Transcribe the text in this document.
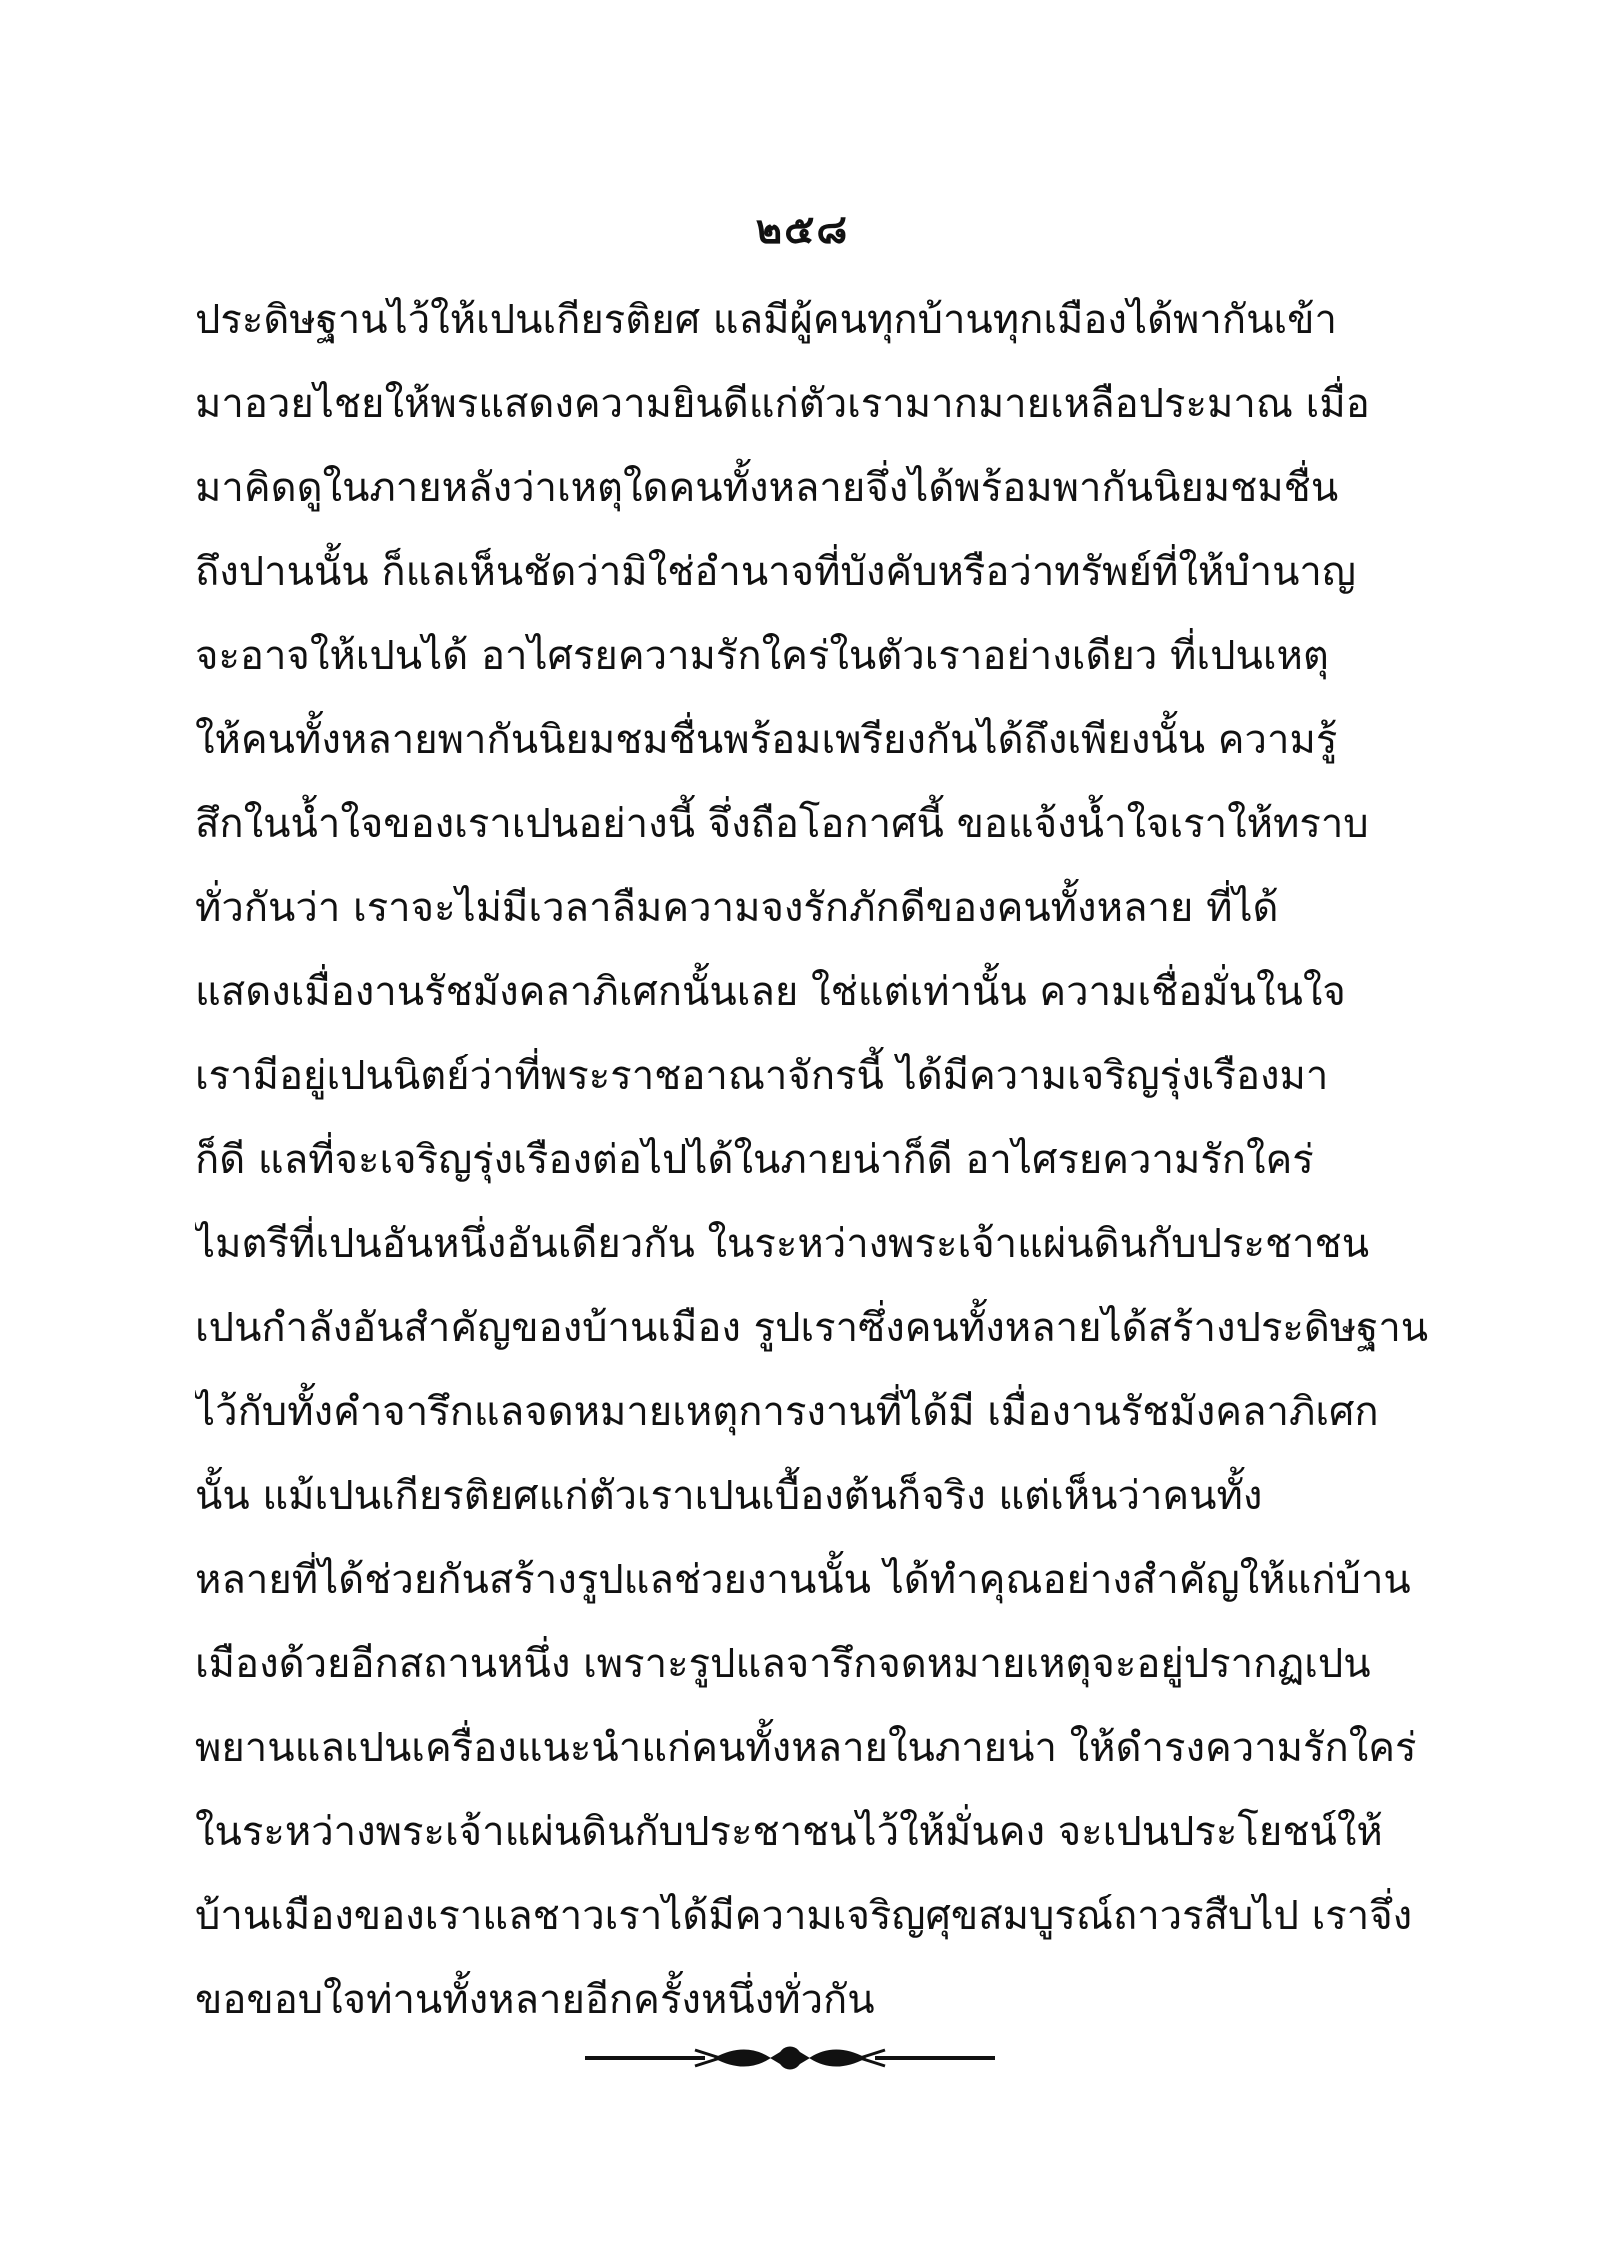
๒๕๘
ประดิษฐานไว้ให้เปนเกียรติยศ แลมีผู้คนทุกบ้านทุกเมืองได้พากันเข้า
มาอวยไชยให้พรแสดงความยินดีแก่ตัวเรามากมายเหลือประมาณ เมื่อ
มาคิดดูในภายหลังว่าเหตุใดคนทั้งหลายจึ่งได้พร้อมพากันนิยมชมชื่น
ถึงปานนั้น ก็แลเห็นชัดว่ามิใช่อำนาจที่บังคับหรือว่าทรัพย์ที่ให้บำนาญ
จะอาจให้เปนได้ อาไศรยความรักใคร่ในตัวเราอย่างเดียว ที่เปนเหตุ
ให้คนทั้งหลายพากันนิยมชมชื่นพร้อมเพรียงกันได้ถึงเพียงนั้น ความรู้
สึกในน้ำใจของเราเปนอย่างนี้ จึ่งถือโอกาศนี้ ขอแจ้งน้ำใจเราให้ทราบ
ทั่วกันว่า เราจะไม่มีเวลาลืมความจงรักภักดีของคนทั้งหลาย ที่ได้
แสดงเมื่องานรัชมังคลาภิเศกนั้นเลย ใช่แต่เท่านั้น ความเชื่อมั่นในใจ
เรามีอยู่เปนนิตย์ว่าที่พระราชอาณาจักรนี้ ได้มีความเจริญรุ่งเรืองมา
ก็ดี แลที่จะเจริญรุ่งเรืองต่อไปได้ในภายน่าก็ดี อาไศรยความรักใคร่
ไมตรีที่เปนอันหนึ่งอันเดียวกัน ในระหว่างพระเจ้าแผ่นดินกับประชาชน
เปนกำลังอันสำคัญของบ้านเมือง รูปเราซึ่งคนทั้งหลายได้สร้างประดิษฐาน
ไว้กับทั้งคำจารึกแลจดหมายเหตุการงานที่ได้มี เมื่องานรัชมังคลาภิเศก
นั้น แม้เปนเกียรติยศแก่ตัวเราเปนเบื้องต้นก็จริง แต่เห็นว่าคนทั้ง
หลายที่ได้ช่วยกันสร้างรูปแลช่วยงานนั้น ได้ทำคุณอย่างสำคัญให้แก่บ้าน
เมืองด้วยอีกสถานหนึ่ง เพราะรูปแลจารึกจดหมายเหตุจะอยู่ปรากฏเปน
พยานแลเปนเครื่องแนะนำแก่คนทั้งหลายในภายน่า ให้ดำรงความรักใคร่
ในระหว่างพระเจ้าแผ่นดินกับประชาชนไว้ให้มั่นคง จะเปนประโยชน์ให้
บ้านเมืองของเราแลชาวเราได้มีความเจริญศุขสมบูรณ์ถาวรสืบไป เราจึ่ง
ขอขอบใจท่านทั้งหลายอีกครั้งหนึ่งทั่วกัน
